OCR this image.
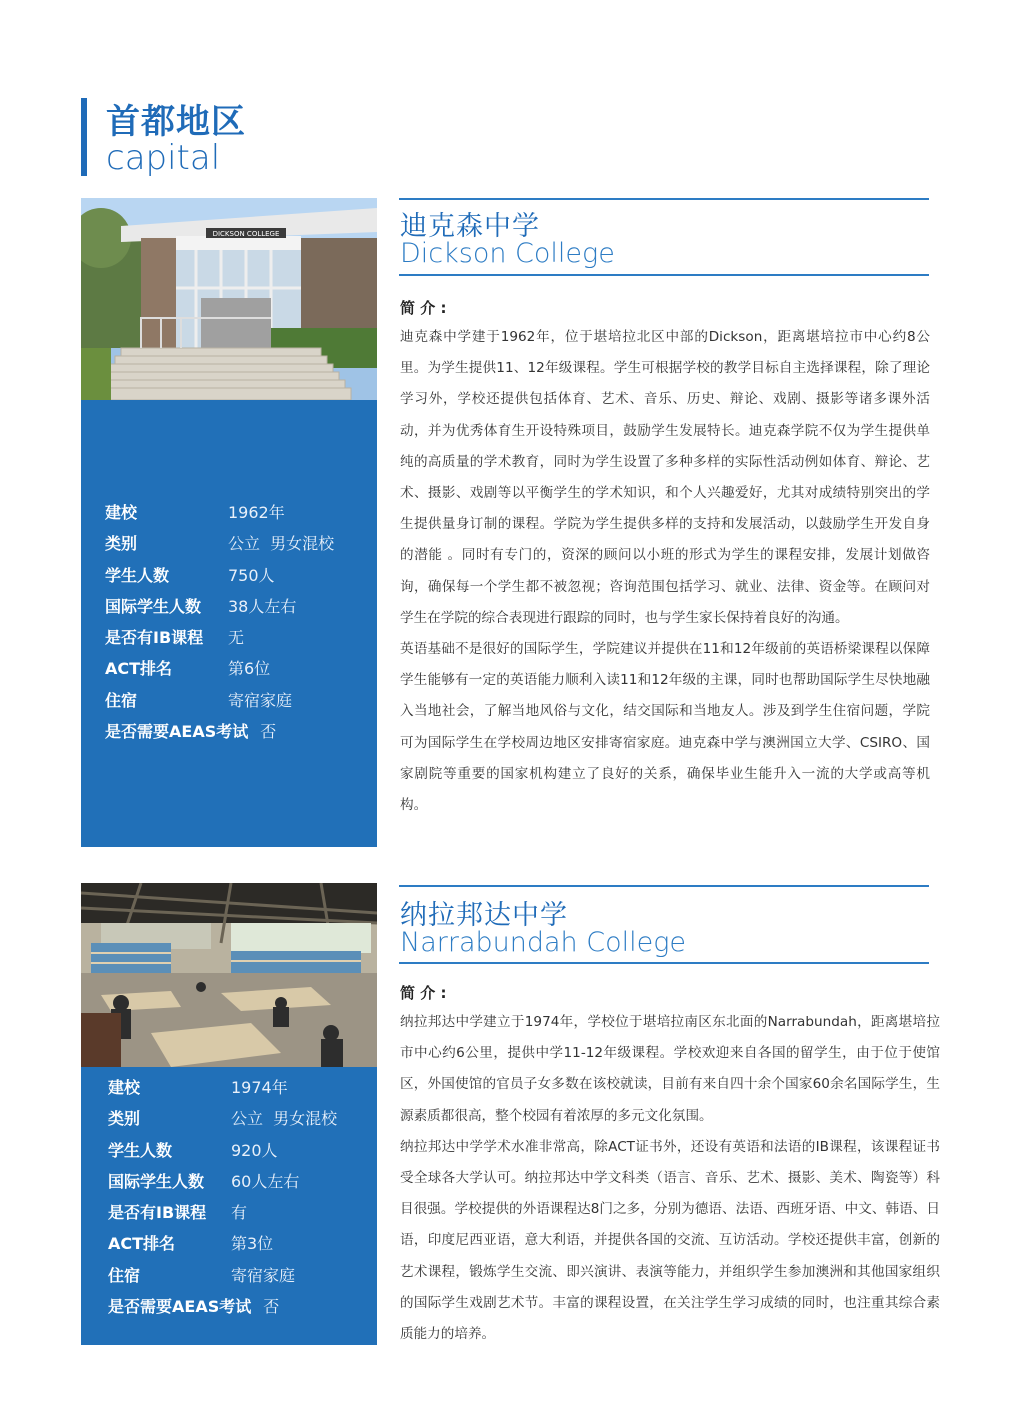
首都地区
capital
DICKSON COLLEGE
建校	1962年
类别	公立  男女混校
学生人数	750人
国际学生人数 38人左右
是否有IB课程 无
ACT排名	第6位
住宿	寄宿家庭
是否需要AEAS考试 否
迪克森中学
Dickson College
简 介 :

迪克森中学建于1962年，位于堪培拉北区中部的Dickson，距离堪培拉市中心约8公里。为学生提供11、12年级课程。学生可根据学校的教学目标自主选择课程，除了理论学习外，学校还提供包括体育、艺术、音乐、历史、辩论、戏剧、摄影等诸多课外活动，并为优秀体育生开设特殊项目，鼓励学生发展特长。迪克森学院不仅为学生提供单纯的高质量的学术教育，同时为学生设置了多种多样的实际性活动例如体育、辩论、艺术、摄影、戏剧等以平衡学生的学术知识，和个人兴趣爱好，尤其对成绩特别突出的学生提供量身订制的课程。学院为学生提供多样的支持和发展活动，以鼓励学生开发自身的潜能 。同时有专门的，资深的顾问以小班的形式为学生的课程安排，发展计划做咨询，确保每一个学生都不被忽视；咨询范围包括学习、就业、法律、资金等。在顾问对学生在学院的综合表现进行跟踪的同时，也与学生家长保持着良好的沟通。

英语基础不是很好的国际学生，学院建议并提供在11和12年级前的英语桥梁课程以保障学生能够有一定的英语能力顺利入读11和12年级的主课，同时也帮助国际学生尽快地融入当地社会，了解当地风俗与文化，结交国际和当地友人。涉及到学生住宿问题，学院可为国际学生在学校周边地区安排寄宿家庭。迪克森中学与澳洲国立大学、CSIRO、国家剧院等重要的国家机构建立了良好的关系，确保毕业生能升入一流的大学或高等机构。

建校	1974年
类别	公立  男女混校
学生人数	920人
国际学生人数 60人左右
是否有IB课程 有
ACT排名	第3位
住宿	寄宿家庭
是否需要AEAS考试 否
纳拉邦达中学
Narrabundah College
简 介 :

纳拉邦达中学建立于1974年，学校位于堪培拉南区东北面的Narrabundah，距离堪培拉市中心约6公里，提供中学11-12年级课程。学校欢迎来自各国的留学生，由于位于使馆区，外国使馆的官员子女多数在该校就读，目前有来自四十余个国家60余名国际学生，生源素质都很高，整个校园有着浓厚的多元文化氛围。

纳拉邦达中学学术水准非常高，除ACT证书外，还设有英语和法语的IB课程，该课程证书受全球各大学认可。纳拉邦达中学文科类（语言、音乐、艺术、摄影、美术、陶瓷等）科目很强。学校提供的外语课程达8门之多，分别为德语、法语、西班牙语、中文、韩语、日语，印度尼西亚语，意大利语，并提供各国的交流、互访活动。学校还提供丰富，创新的艺术课程，锻炼学生交流、即兴演讲、表演等能力，并组织学生参加澳洲和其他国家组织的国际学生戏剧艺术节。丰富的课程设置，在关注学生学习成绩的同时，也注重其综合素质能力的培养。
